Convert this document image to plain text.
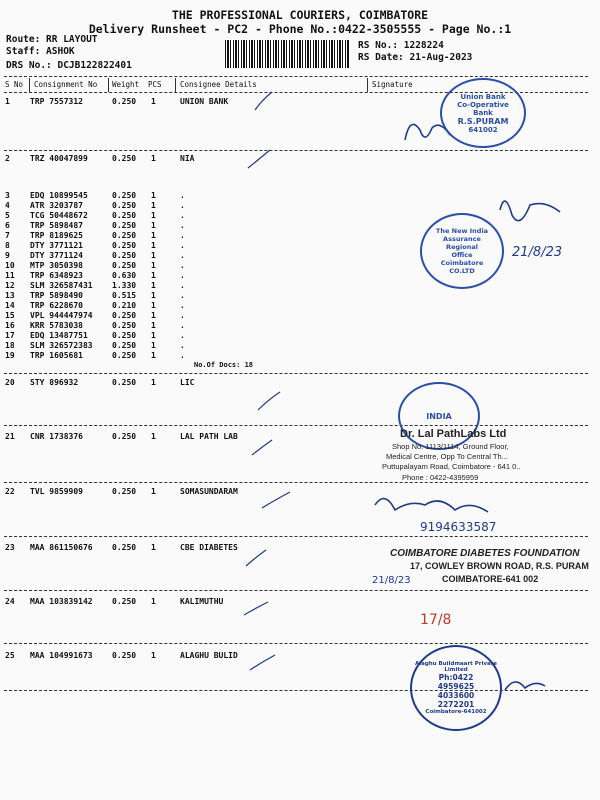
THE PROFESSIONAL COURIERS, COIMBATORE
Delivery Runsheet - PC2 - Phone No.:0422-3505555 - Page No.:1
Route: RR LAYOUT
Staff: ASHOK
DRS No.: DCJB122822401
RS No.: 1228224
RS Date: 21-Aug-2023
S No Consignment No Weight PCS Consignee Details	Signature
1	TRP 7557312	0.250 1	UNION BANK
2	TRZ 40047899	0.250 1	NIA
3	EDQ 10899545	0.250 1	.
4	ATR 3203787	0.250 1	.
5	TCG 50448672	0.250 1	.
6	TRP 5898487	0.250 1	.
7	TRP 8189625	0.250 1	.
8	DTY 3771121	0.250 1	.
9	DTY 3771124	0.250 1	.
10 MTP 3050398	0.250 1	.
11 TRP 6348923	0.630 1	.
12 SLM 326587431 1.330 1	.
13 TRP 5898490	0.515 1	.
14 TRP 6228670	0.210 1	.
15 VPL 944447974 0.250 1	.
16 KRR 5783038	0.250 1	.
17 EDQ 13487751	0.250 1	.
18 SLM 326572383 0.250 1	.
19 TRP 1605681	0.250 1	.
20 STY 896932	0.250 1	LIC
21 CNR 1738376	0.250 1	LAL PATH LAB
22 TVL 9859909	0.250 1	SOMASUNDARAM
23 MAA 861150676 0.250 1	CBE DIABETES
24 MAA 103839142 0.250 1	KALIMUTHU
25 MAA 104991673 0.250 1	ALAGHU BULID
No.Of Docs: 18
Union Bank
Co-Operative
Bank
R.S.PURAM
641002
The New India Assurance
Regional
Office
Coimbatore
CO.LTD
21/8/23
INDIA
Dr. Lal PathLabs Ltd
Shop No. 1113/1114, Ground Floor,
Medical Centre, Opp To Central Th...
Puttupalayam Road, Coimbatore - 641 0..
Phone : 0422-4395959
9194633587
COIMBATORE DIABETES FOUNDATION
17, COWLEY BROWN ROAD, R.S. PURAM
COIMBATORE-641 002
21/8/23
17/8
Alaghu Buildmaart Private Limited
Ph:0422
4959625
4033600
2272201
Coimbatore-641002
